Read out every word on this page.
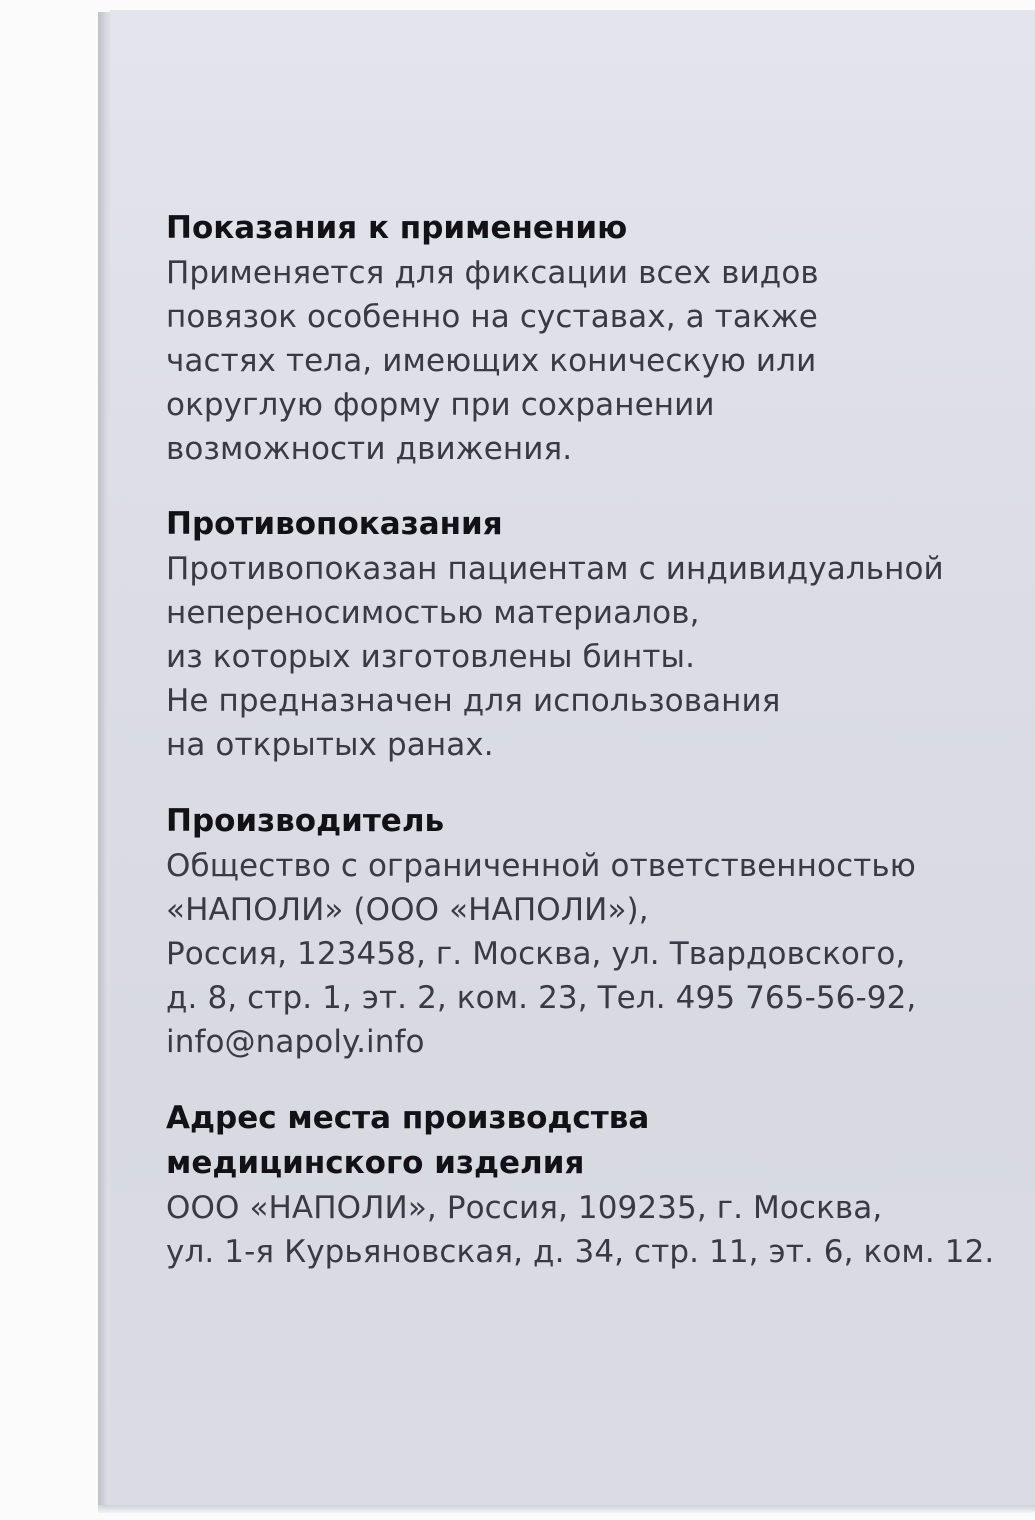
Показания к применению
Применяется для фиксации всех видов
повязок особенно на суставах, а также
частях тела, имеющих коническую или
округлую форму при сохранении
возможности движения.
Противопоказания
Противопоказан пациентам с индивидуальной
непереносимостью материалов,
из которых изготовлены бинты.
Не предназначен для использования
на открытых ранах.
Производитель
Общество с ограниченной ответственностью
«НАПОЛИ» (ООО «НАПОЛИ»),
Россия, 123458, г. Москва, ул. Твардовского,
д. 8, стр. 1, эт. 2, ком. 23, Тел. 495 765-56-92,
info@napoly.info
Адрес места производства
медицинского изделия
ООО «НАПОЛИ», Россия, 109235, г. Москва,
ул. 1-я Курьяновская, д. 34, стр. 11, эт. 6, ком. 12.
